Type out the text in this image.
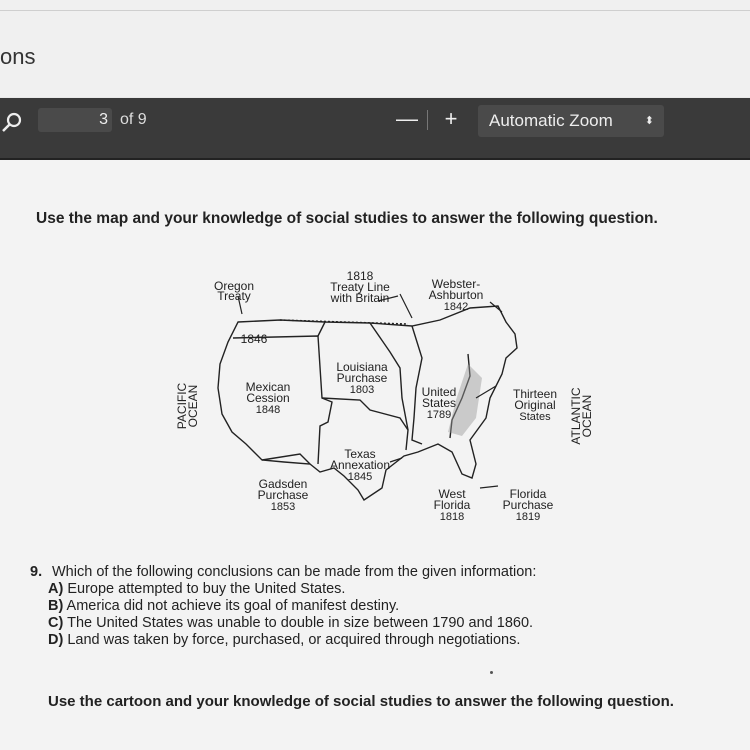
ons
3 of 9	—	+	Automatic Zoom	⬍
Use the map and your knowledge of social studies to answer the following question.
Oregon Treaty
1818 Treaty Line with Britain
Webster-Ashburton 1842
1846
Louisiana Purchase 1803
Mexican Cession 1848
United States 1789
Thirteen Original States
Texas Annexation 1845
Gadsden Purchase 1853
West Florida 1818
Florida Purchase 1819
PACIFICOCEAN	ATLANTICOCEAN
9. Which of the following conclusions can be made from the given information:
A) Europe attempted to buy the United States.
B) America did not achieve its goal of manifest destiny.
C) The United States was unable to double in size between 1790 and 1860.
D) Land was taken by force, purchased, or acquired through negotiations.
Use the cartoon and your knowledge of social studies to answer the following question.
